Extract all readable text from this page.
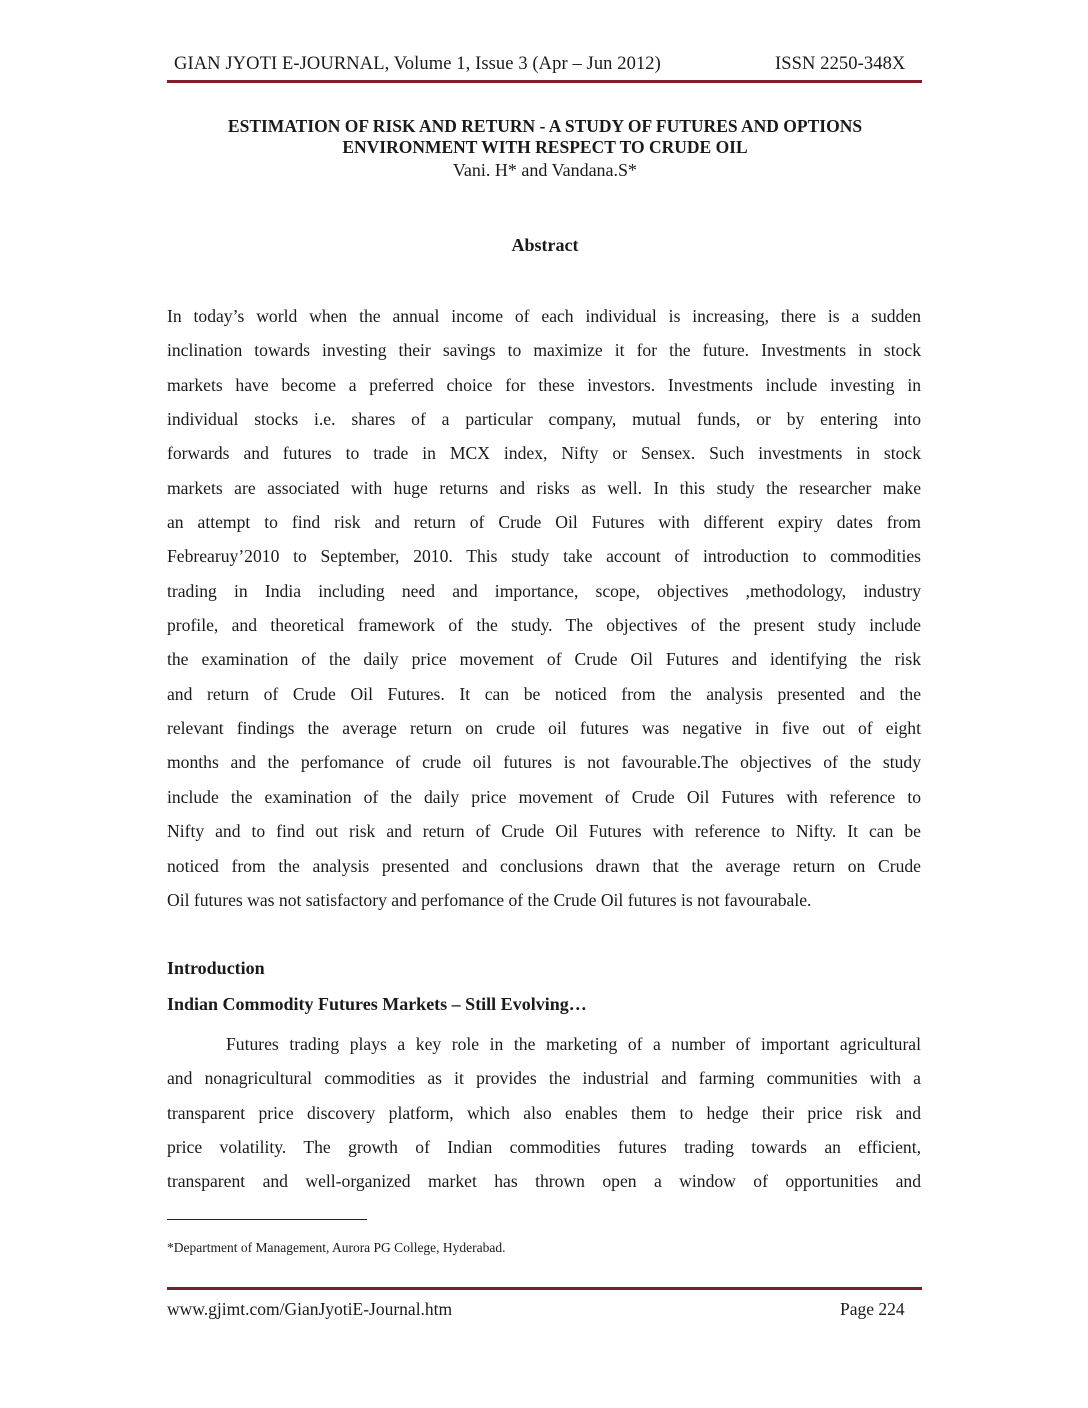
GIAN JYOTI E-JOURNAL, Volume 1, Issue 3 (Apr – Jun 2012)	ISSN 2250-348X
ESTIMATION OF RISK AND RETURN - A STUDY OF FUTURES AND OPTIONS
ENVIRONMENT WITH RESPECT TO CRUDE OIL
Vani. H* and Vandana.S*
Abstract
In today’s world when the annual income of each individual is increasing, there is a sudden
inclination towards investing their savings to maximize it for the future. Investments in stock
markets have become a preferred choice for these investors. Investments include investing in
individual stocks i.e. shares of a particular company, mutual funds, or by entering into
forwards and futures to trade in MCX index, Nifty or Sensex. Such investments in stock
markets are associated with huge returns and risks as well. In this study the researcher make
an attempt to find risk and return of Crude Oil Futures with different expiry dates from
Febrearuy’2010 to September, 2010. This study take account of introduction to commodities
trading in India including need and importance, scope, objectives ,methodology, industry
profile, and theoretical framework of the study. The objectives of the present study include
the examination of the daily price movement of Crude Oil Futures and identifying the risk
and return of Crude Oil Futures. It can be noticed from the analysis presented and the
relevant findings the average return on crude oil futures was negative in five out of eight
months and the perfomance of crude oil futures is not favourable.The objectives of the study
include the examination of the daily price movement of Crude Oil Futures with reference to
Nifty and to find out risk and return of Crude Oil Futures with reference to Nifty. It can be
noticed from the analysis presented and conclusions drawn that the average return on Crude
Oil futures was not satisfactory and perfomance of the Crude Oil futures is not favourabale.
Introduction
Indian Commodity Futures Markets – Still Evolving…
Futures trading plays a key role in the marketing of a number of important agricultural
and nonagricultural commodities as it provides the industrial and farming communities with a
transparent price discovery platform, which also enables them to hedge their price risk and
price volatility. The growth of Indian commodities futures trading towards an efficient,
transparent and well-organized market has thrown open a window of opportunities and
*Department of Management, Aurora PG College, Hyderabad.
www.gjimt.com/GianJyotiE-Journal.htm	Page 224
